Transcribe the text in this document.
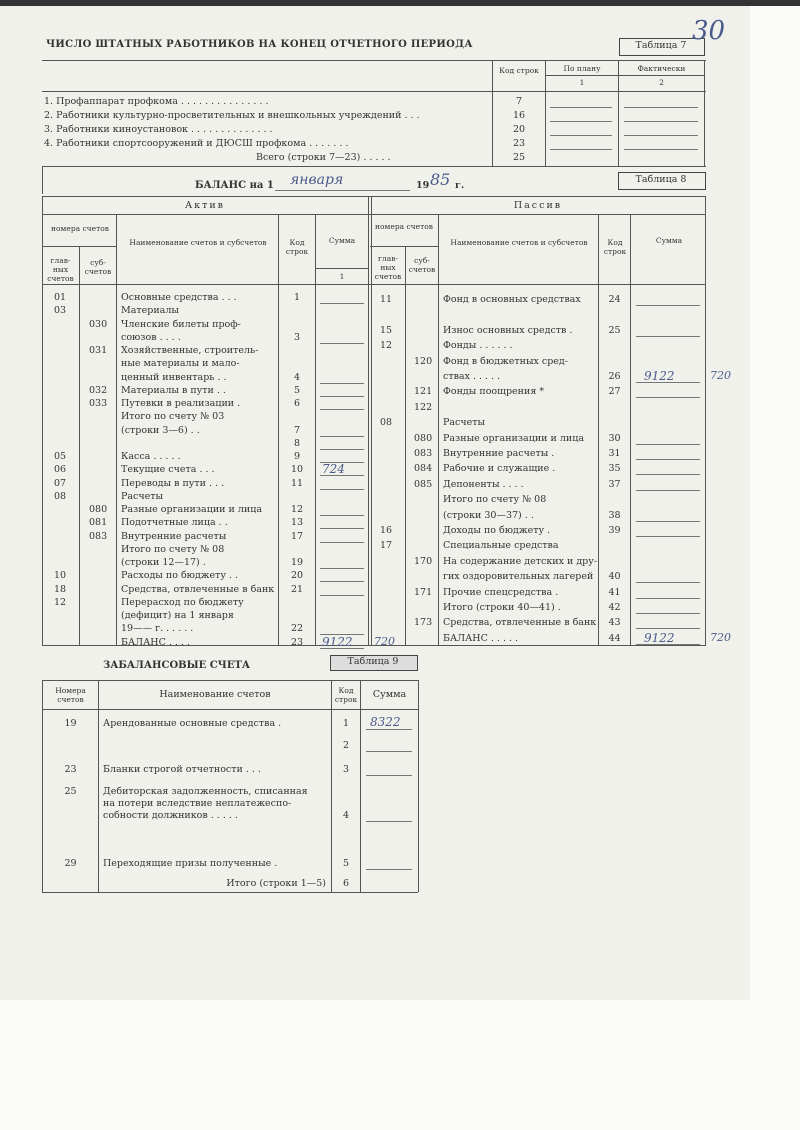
ЧИСЛО ШТАТНЫХ РАБОТНИКОВ НА КОНЕЦ ОТЧЕТНОГО ПЕРИОДА	Таблица 7 30
Код строк	По плану
1
Фактически
2
1. Профаппарат профкома . . . . . . . . . . . . . . .	7
2. Работники культурно-просветительных и внешкольных учреждений . . .	16
3. Работники киноустановок . . . . . . . . . . . . . .	20
4. Работники спортсооружений и ДЮСШ профкома . . . . . . .	23
Всего (строки 7—23) . . . . .	25
БАЛАНС на 1 января	19 85 г.
Таблица 8
Актив	Пассив
номера счетов
глав-ных счетов
суб-счетов
Наименование счетов и субсчетов	Код строк
Сумма
1
номера счетов
глав-ных счетов
суб-счетов
Наименование счетов и субсчетов	Код строк
Сумма
01	Основные средства . . .	1
03	Материалы
030 Членские билеты проф-
союзов . . . .	3
031 Хозяйственные, строитель-
ные материалы и мало-
ценный инвентарь . .	4
032 Материалы в пути . .	5
033 Путевки в реализации .	6
Итого по счету № 03
(строки 3—6) . .	7
8
05	Касса . . . . .	9
06	Текущие счета . . .	10	724
07	Переводы в пути . . .	11
08	Расчеты
080 Разные организации и лица	12
081 Подотчетные лица . .	13
083 Внутренние расчеты	17
Итого по счету № 08
(строки 12—17) .	19
10	Расходы по бюджету . .	20
18	Средства, отвлеченные в банк	21
12	Перерасход по бюджету
(дефицит) на 1 января
19—— г. . . . . .	22
БАЛАНС . . . .	23	9122 720
11	Фонд в основных средствах	24
15	Износ основных средств .	25
12	Фонды . . . . . .
120 Фонд в бюджетных сред-
ствах . . . . .	26	9122	720
121 Фонды поощрения *	27
122
08	Расчеты
080 Разные организации и лица	30
083 Внутренние расчеты .	31
084 Рабочие и служащие .	35
085 Депоненты . . . .	37
Итого по счету № 08
(строки 30—37) . .	38
16	Доходы по бюджету .	39
17	Специальные средства
170 На содержание детских и дру-
гих оздоровительных лагерей	40
171 Прочие спецсредства .	41
Итого (строки 40—41) .	42
173 Средства, отвлеченные в банк	43
БАЛАНС . . . . .	44	9122	720
ЗАБАЛАНСОВЫЕ СЧЕТА	Таблица 9
Номера счетов	Наименование счетов	Код строк	Сумма
19	Арендованные основные средства .	1	8322
2
23	Бланки строгой отчетности . . .	3
25	Дебиторская задолженность, списанная
на потери вследствие неплатежеспо-
собности должников . . . . .	4
29	Переходящие призы полученные .	5
Итого (строки 1—5)	6
